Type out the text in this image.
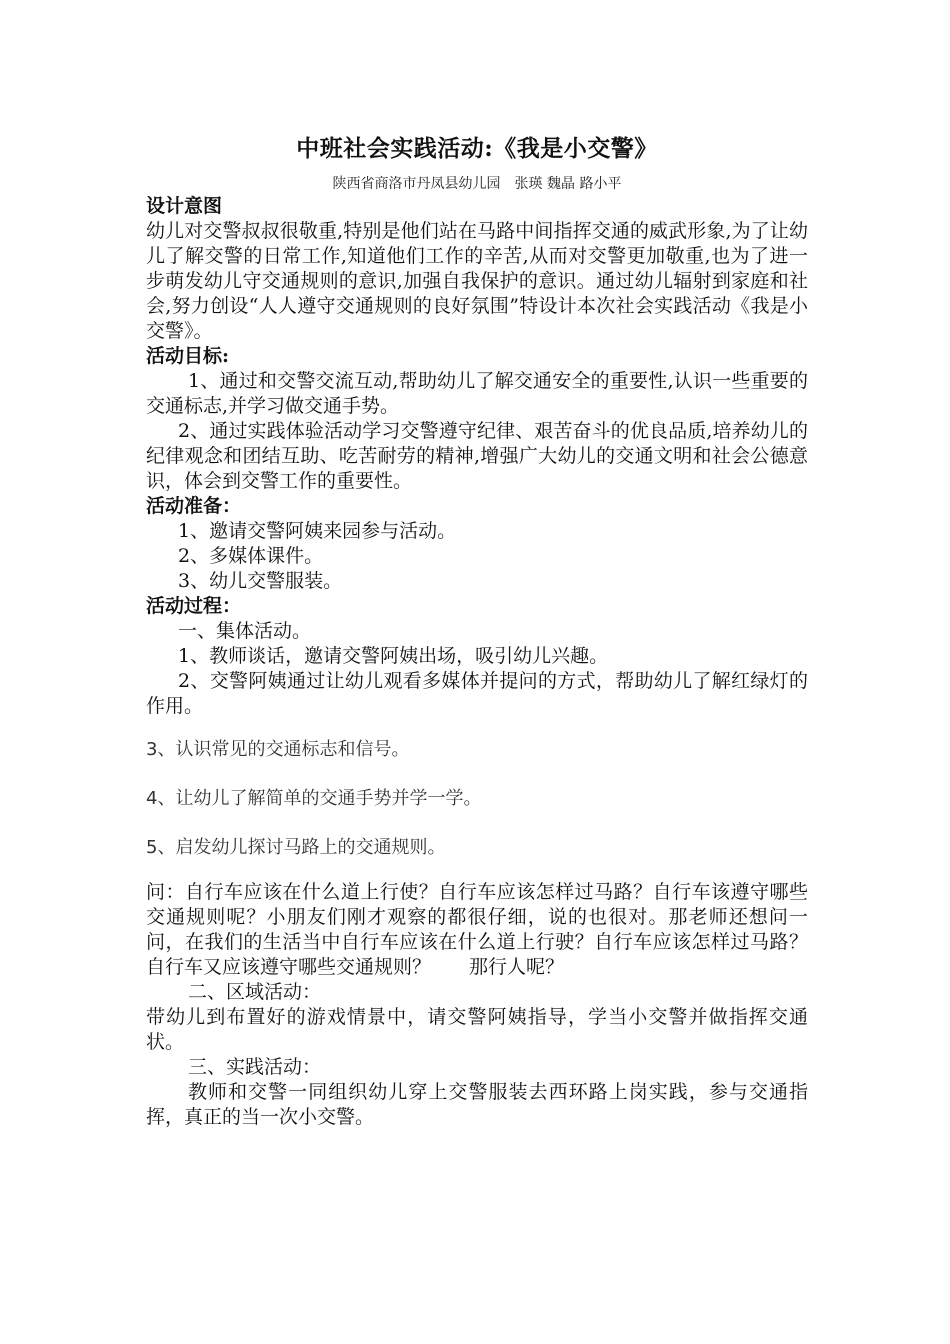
中班社会实践活动:《我是小交警》

陕西省商洛市丹凤县幼儿园　张瑛 魏晶 路小平

设计意图

幼儿对交警叔叔很敬重,特别是他们站在马路中间指挥交通的威武形象,为了让幼儿了解交警的日常工作,知道他们工作的辛苦,从而对交警更加敬重,也为了进一步萌发幼儿守交通规则的意识,加强自我保护的意识。通过幼儿辐射到家庭和社会,努力创设“人人遵守交通规则的良好氛围”特设计本次社会实践活动《我是小交警》。

活动目标:

1、通过和交警交流互动,帮助幼儿了解交通安全的重要性,认识一些重要的交通标志,并学习做交通手势。

2、通过实践体验活动学习交警遵守纪律、艰苦奋斗的优良品质,培养幼儿的纪律观念和团结互助、吃苦耐劳的精神,增强广大幼儿的交通文明和社会公德意识，体会到交警工作的重要性。

活动准备：

1、邀请交警阿姨来园参与活动。

2、多媒体课件。

3、幼儿交警服装。

活动过程：

一、集体活动。

1、教师谈话，邀请交警阿姨出场，吸引幼儿兴趣。

2、交警阿姨通过让幼儿观看多媒体并提问的方式，帮助幼儿了解红绿灯的作用。

3、认识常见的交通标志和信号。

4、让幼儿了解简单的交通手势并学一学。

5、启发幼儿探讨马路上的交通规则。

问：自行车应该在什么道上行使？自行车应该怎样过马路？自行车该遵守哪些交通规则呢？小朋友们刚才观察的都很仔细，说的也很对。那老师还想问一问，在我们的生活当中自行车应该在什么道上行驶？自行车应该怎样过马路？自行车又应该遵守哪些交通规则？　　那行人呢？

二、区域活动：

带幼儿到布置好的游戏情景中，请交警阿姨指导，学当小交警并做指挥交通状。

三、实践活动：

教师和交警一同组织幼儿穿上交警服装去西环路上岗实践，参与交通指挥，真正的当一次小交警。
